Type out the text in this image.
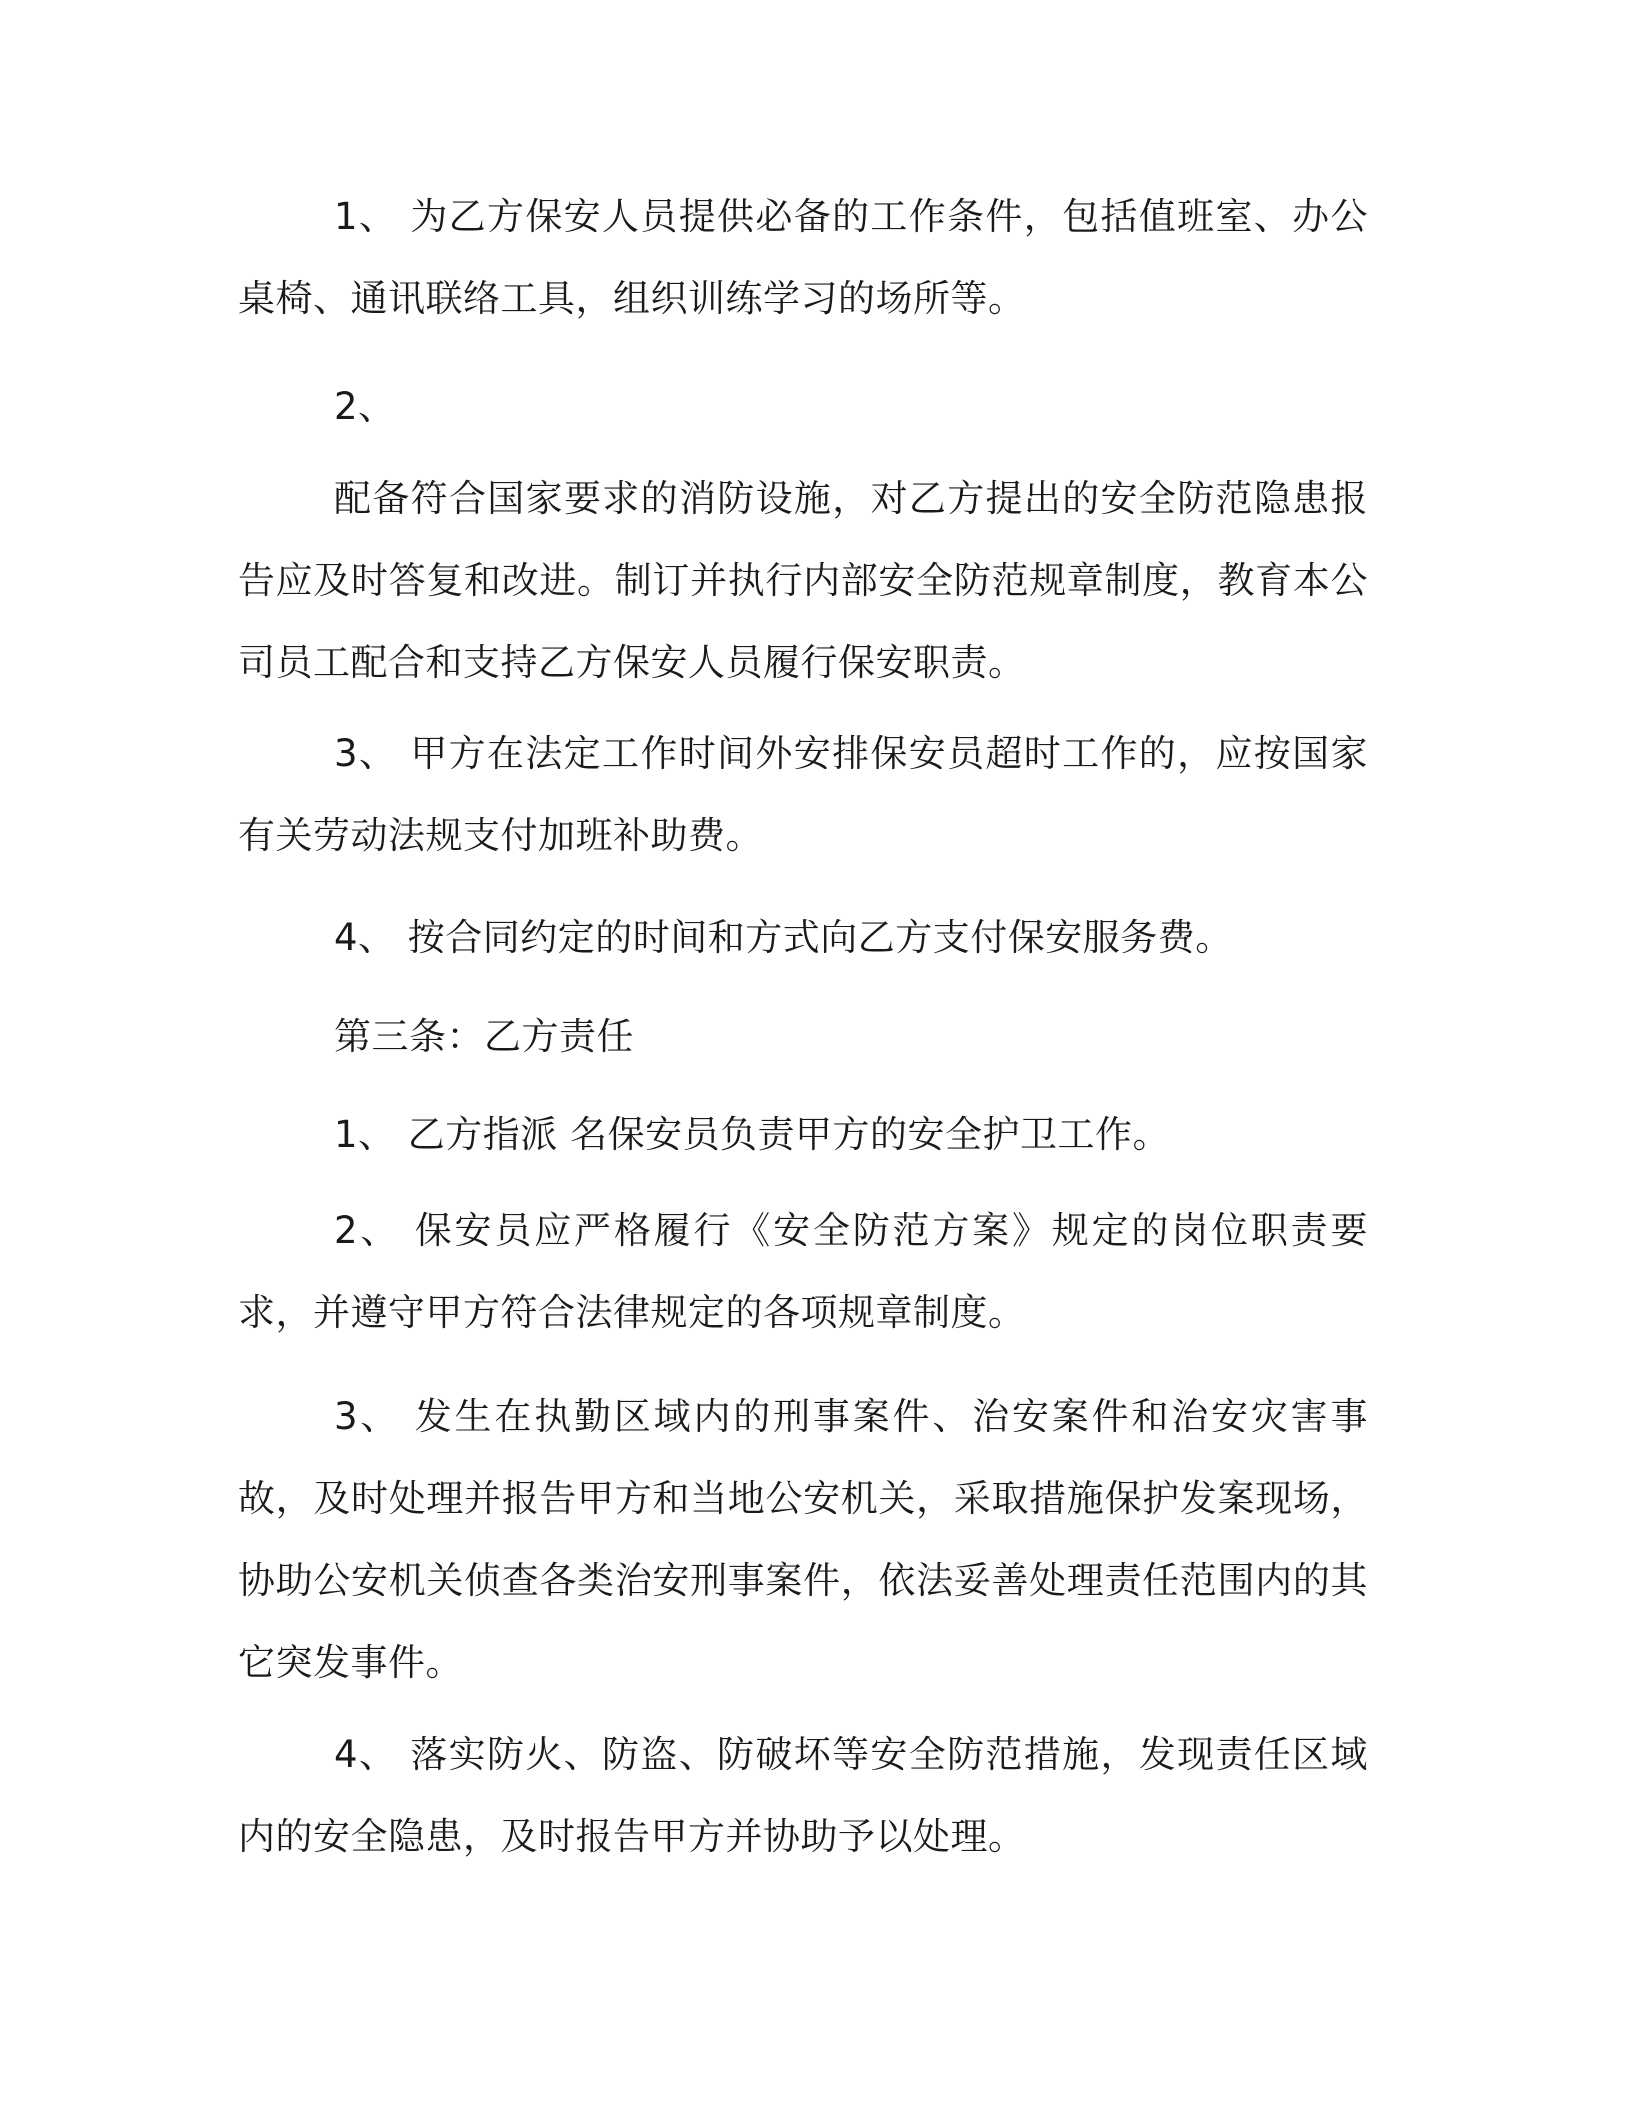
1、 为乙方保安人员提供必备的工作条件，包括值班室、办公桌椅、通讯联络工具，组织训练学习的场所等。

2、

配备符合国家要求的消防设施，对乙方提出的安全防范隐患报告应及时答复和改进。制订并执行内部安全防范规章制度，教育本公司员工配合和支持乙方保安人员履行保安职责。

3、 甲方在法定工作时间外安排保安员超时工作的，应按国家有关劳动法规支付加班补助费。

4、 按合同约定的时间和方式向乙方支付保安服务费。

第三条：乙方责任

1、 乙方指派 名保安员负责甲方的安全护卫工作。

2、 保安员应严格履行《安全防范方案》规定的岗位职责要求，并遵守甲方符合法律规定的各项规章制度。

3、 发生在执勤区域内的刑事案件、治安案件和治安灾害事故，及时处理并报告甲方和当地公安机关，采取措施保护发案现场，协助公安机关侦查各类治安刑事案件，依法妥善处理责任范围内的其它突发事件。

4、 落实防火、防盗、防破坏等安全防范措施，发现责任区域内的安全隐患，及时报告甲方并协助予以处理。
